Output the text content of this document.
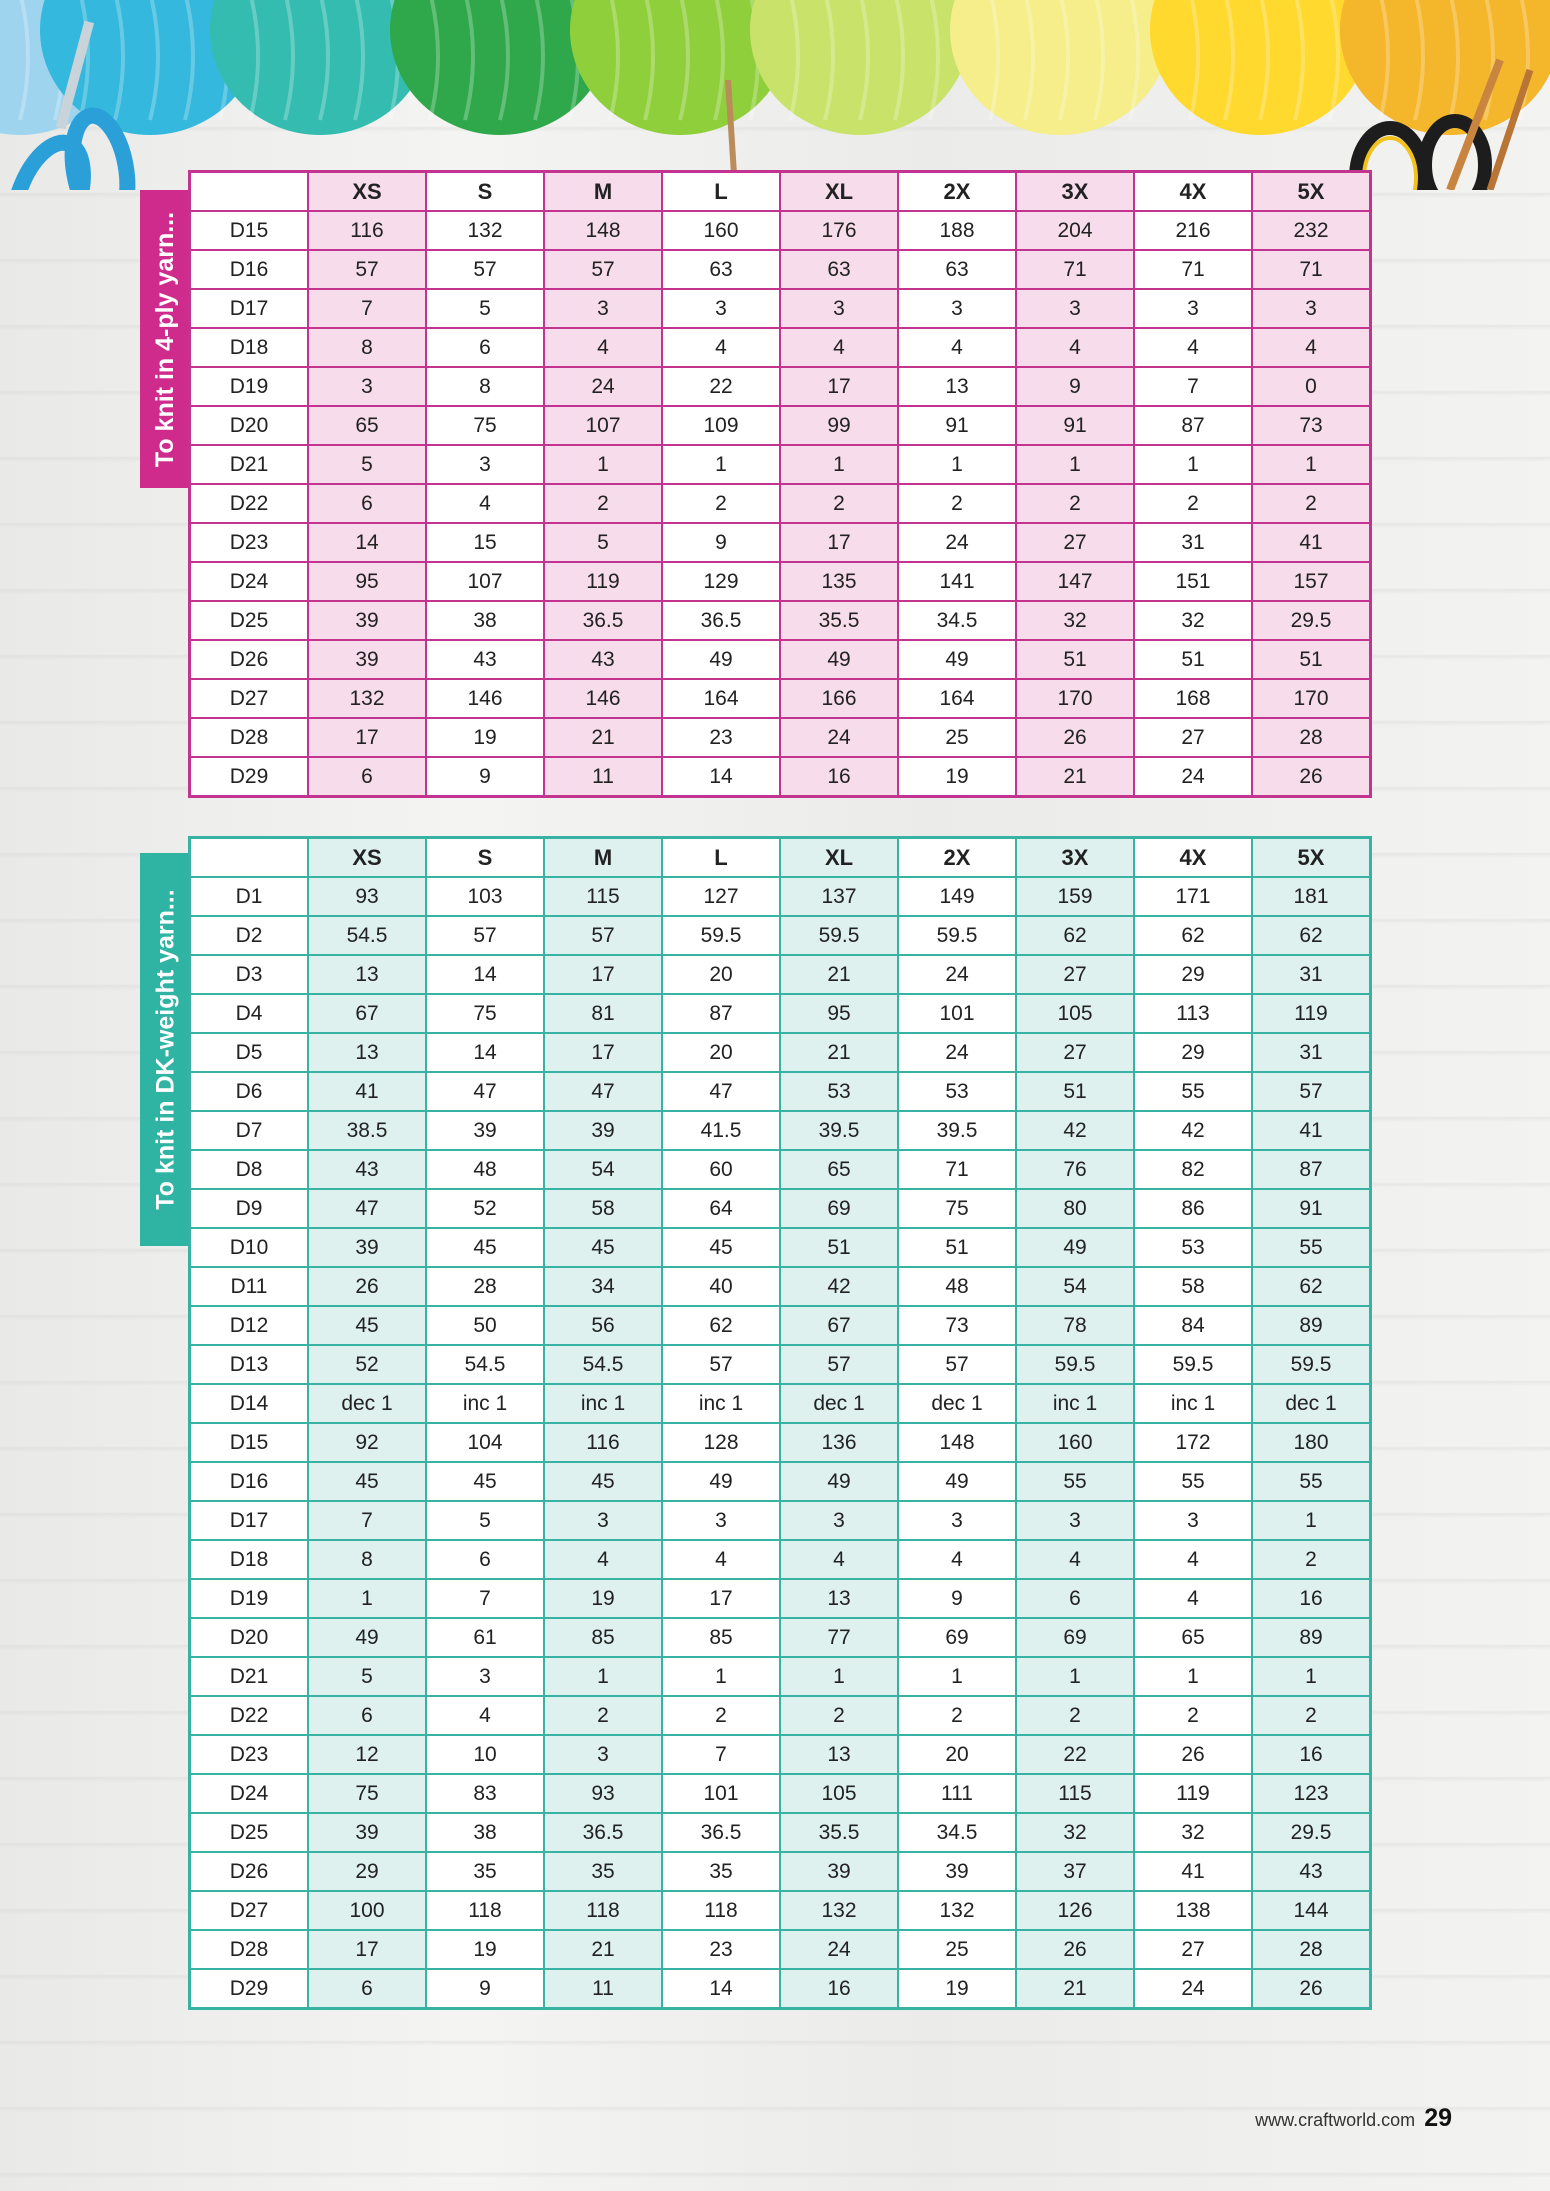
To knit in 4-ply yarn...
	XS	S	M	L	XL	2X	3X	4X	5X
D15	116	132	148	160	176	188	204	216	232
D16	57	57	57	63	63	63	71	71	71
D17	7	5	3	3	3	3	3	3	3
D18	8	6	4	4	4	4	4	4	4
D19	3	8	24	22	17	13	9	7	0
D20	65	75	107	109	99	91	91	87	73
D21	5	3	1	1	1	1	1	1	1
D22	6	4	2	2	2	2	2	2	2
D23	14	15	5	9	17	24	27	31	41
D24	95	107	119	129	135	141	147	151	157
D25	39	38	36.5	36.5	35.5	34.5	32	32	29.5
D26	39	43	43	49	49	49	51	51	51
D27	132	146	146	164	166	164	170	168	170
D28	17	19	21	23	24	25	26	27	28
D29	6	9	11	14	16	19	21	24	26
To knit in DK-weight yarn...
	XS	S	M	L	XL	2X	3X	4X	5X
D1	93	103	115	127	137	149	159	171	181
D2	54.5	57	57	59.5	59.5	59.5	62	62	62
D3	13	14	17	20	21	24	27	29	31
D4	67	75	81	87	95	101	105	113	119
D5	13	14	17	20	21	24	27	29	31
D6	41	47	47	47	53	53	51	55	57
D7	38.5	39	39	41.5	39.5	39.5	42	42	41
D8	43	48	54	60	65	71	76	82	87
D9	47	52	58	64	69	75	80	86	91
D10	39	45	45	45	51	51	49	53	55
D11	26	28	34	40	42	48	54	58	62
D12	45	50	56	62	67	73	78	84	89
D13	52	54.5	54.5	57	57	57	59.5	59.5	59.5
D14	dec 1	inc 1	inc 1	inc 1	dec 1	dec 1	inc 1	inc 1	dec 1
D15	92	104	116	128	136	148	160	172	180
D16	45	45	45	49	49	49	55	55	55
D17	7	5	3	3	3	3	3	3	1
D18	8	6	4	4	4	4	4	4	2
D19	1	7	19	17	13	9	6	4	16
D20	49	61	85	85	77	69	69	65	89
D21	5	3	1	1	1	1	1	1	1
D22	6	4	2	2	2	2	2	2	2
D23	12	10	3	7	13	20	22	26	16
D24	75	83	93	101	105	111	115	119	123
D25	39	38	36.5	36.5	35.5	34.5	32	32	29.5
D26	29	35	35	35	39	39	37	41	43
D27	100	118	118	118	132	132	126	138	144
D28	17	19	21	23	24	25	26	27	28
D29	6	9	11	14	16	19	21	24	26
www.craftworld.com 29
